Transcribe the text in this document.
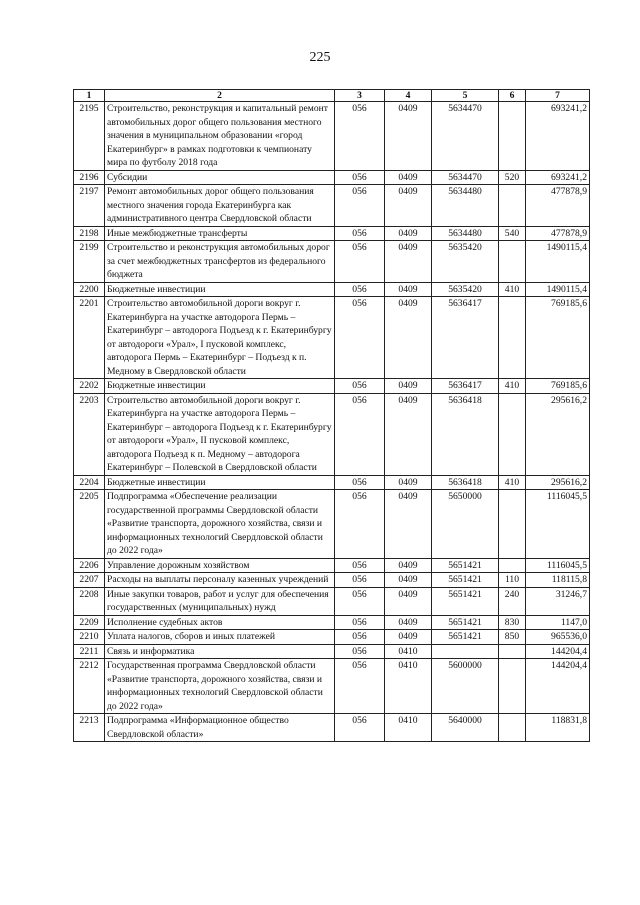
225
1	2	3	4	5	6	7
2195	Строительство, реконструкция и капитальный ремонт автомобильных дорог общего пользования местного значения в муниципальном образовании «город Екатеринбург» в рамках подготовки к чемпионату мира по футболу 2018 года	056	0409	5634470		693241,2
2196	Субсидии	056	0409	5634470	520	693241,2
2197	Ремонт автомобильных дорог общего пользования местного значения города Екатеринбурга как административного центра Свердловской области	056	0409	5634480		477878,9
2198	Иные межбюджетные трансферты	056	0409	5634480	540	477878,9
2199	Строительство и реконструкция автомобильных дорог за счет межбюджетных трансфертов из федерального бюджета	056	0409	5635420		1490115,4
2200	Бюджетные инвестиции	056	0409	5635420	410	1490115,4
2201	Строительство автомобильной дороги вокруг г. Екатеринбурга на участке автодорога Пермь – Екатеринбург – автодорога Подъезд к г. Екатеринбургу от автодороги «Урал», I пусковой комплекс, автодорога Пермь – Екатеринбург – Подъезд к п. Медному в Свердловской области	056	0409	5636417		769185,6
2202	Бюджетные инвестиции	056	0409	5636417	410	769185,6
2203	Строительство автомобильной дороги вокруг г. Екатеринбурга на участке автодорога Пермь – Екатеринбург – автодорога Подъезд к г. Екатеринбургу от автодороги «Урал», II пусковой комплекс, автодорога Подъезд к п. Медному – автодорога Екатеринбург – Полевской в Свердловской области	056	0409	5636418		295616,2
2204	Бюджетные инвестиции	056	0409	5636418	410	295616,2
2205	Подпрограмма «Обеспечение реализации государственной программы Свердловской области «Развитие транспорта, дорожного хозяйства, связи и информационных технологий Свердловской области до 2022 года»	056	0409	5650000		1116045,5
2206	Управление дорожным хозяйством	056	0409	5651421		1116045,5
2207	Расходы на выплаты персоналу казенных учреждений	056	0409	5651421	110	118115,8
2208	Иные закупки товаров, работ и услуг для обеспечения государственных (муниципальных) нужд	056	0409	5651421	240	31246,7
2209	Исполнение судебных актов	056	0409	5651421	830	1147,0
2210	Уплата налогов, сборов и иных платежей	056	0409	5651421	850	965536,0
2211	Связь и информатика	056	0410			144204,4
2212	Государственная программа Свердловской области «Развитие транспорта, дорожного хозяйства, связи и информационных технологий Свердловской области до 2022 года»	056	0410	5600000		144204,4
2213	Подпрограмма «Информационное общество Свердловской области»	056	0410	5640000		118831,8
